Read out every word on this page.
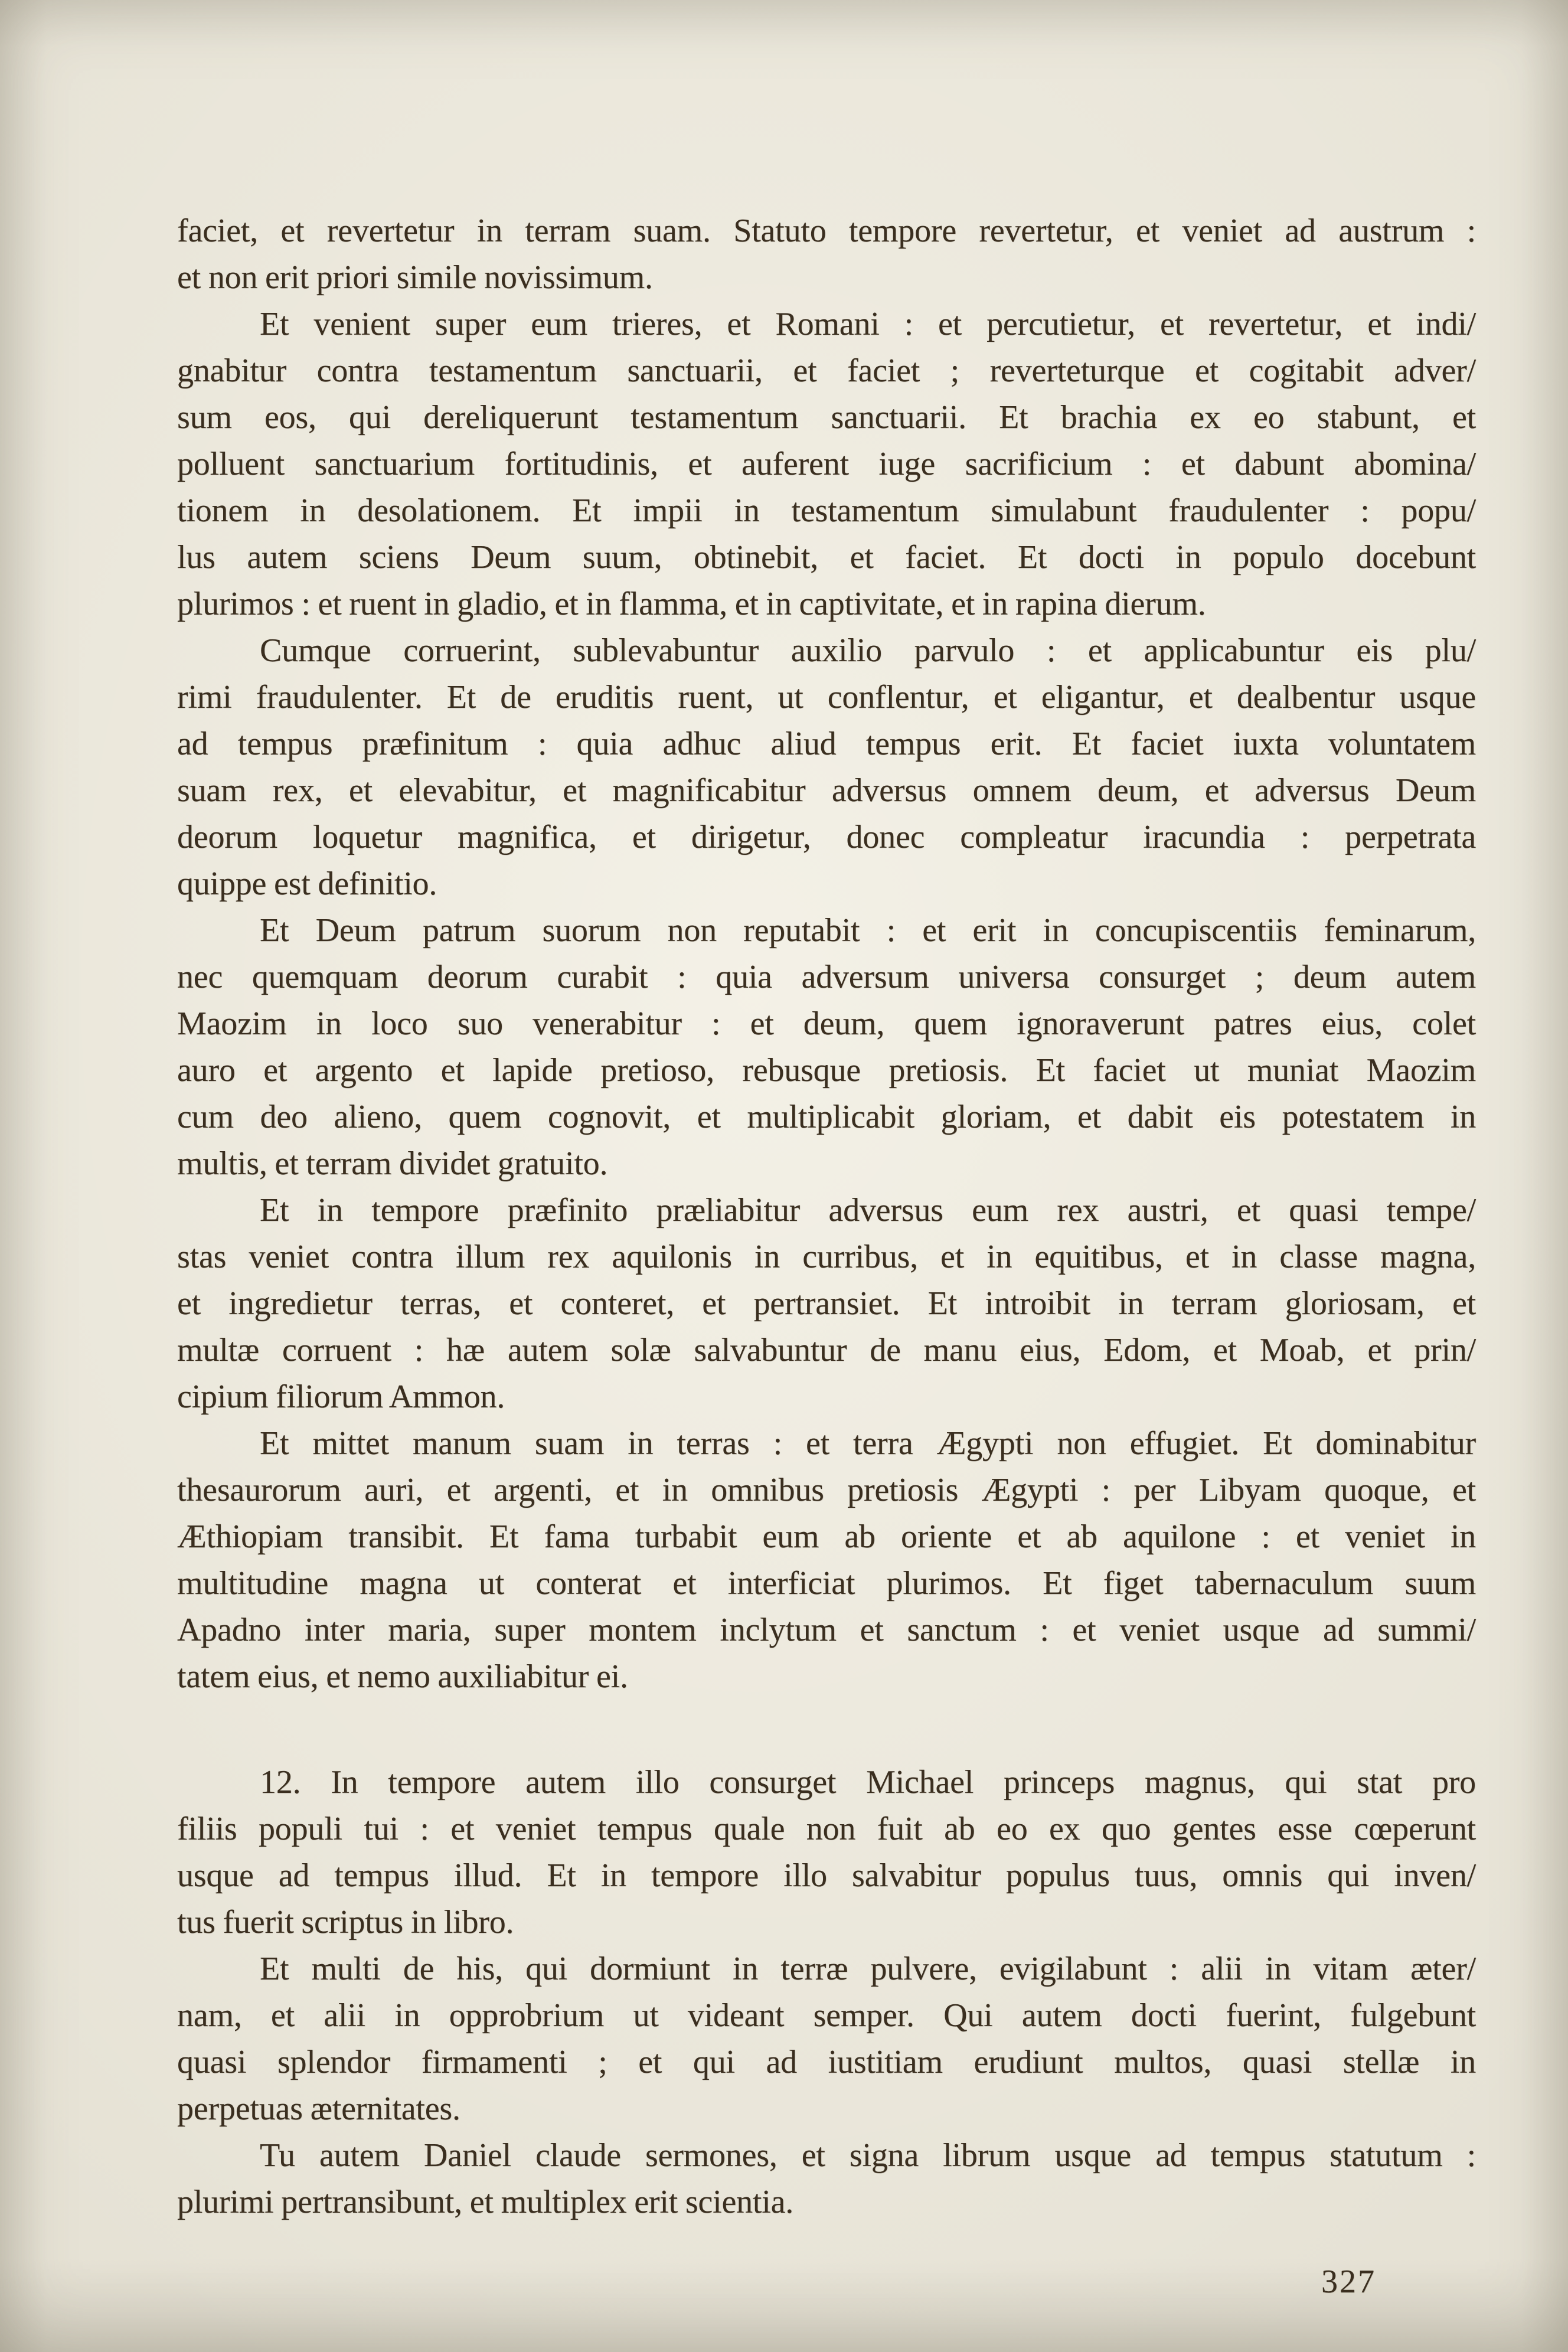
faciet, et revertetur in terram suam. Statuto tempore revertetur, et veniet ad austrum :
et non erit priori simile novissimum.
Et venient super eum trieres, et Romani : et percutietur, et revertetur, et indi/
gnabitur contra testamentum sanctuarii, et faciet ; reverteturque et cogitabit adver/
sum eos, qui dereliquerunt testamentum sanctuarii. Et brachia ex eo stabunt, et
polluent sanctuarium fortitudinis, et auferent iuge sacrificium : et dabunt abomina/
tionem in desolationem. Et impii in testamentum simulabunt fraudulenter : popu/
lus autem sciens Deum suum, obtinebit, et faciet. Et docti in populo docebunt
plurimos : et ruent in gladio, et in flamma, et in captivitate, et in rapina dierum.
Cumque corruerint, sublevabuntur auxilio parvulo : et applicabuntur eis plu/
rimi fraudulenter. Et de eruditis ruent, ut conflentur, et eligantur, et dealbentur usque
ad tempus præfinitum : quia adhuc aliud tempus erit. Et faciet iuxta voluntatem
suam rex, et elevabitur, et magnificabitur adversus omnem deum, et adversus Deum
deorum loquetur magnifica, et dirigetur, donec compleatur iracundia : perpetrata
quippe est definitio.
Et Deum patrum suorum non reputabit : et erit in concupiscentiis feminarum,
nec quemquam deorum curabit : quia adversum universa consurget ; deum autem
Maozim in loco suo venerabitur : et deum, quem ignoraverunt patres eius, colet
auro et argento et lapide pretioso, rebusque pretiosis. Et faciet ut muniat Maozim
cum deo alieno, quem cognovit, et multiplicabit gloriam, et dabit eis potestatem in
multis, et terram dividet gratuito.
Et in tempore præfinito præliabitur adversus eum rex austri, et quasi tempe/
stas veniet contra illum rex aquilonis in curribus, et in equitibus, et in classe magna,
et ingredietur terras, et conteret, et pertransiet. Et introibit in terram gloriosam, et
multæ corruent : hæ autem solæ salvabuntur de manu eius, Edom, et Moab, et prin/
cipium filiorum Ammon.
Et mittet manum suam in terras : et terra Ægypti non effugiet. Et dominabitur
thesaurorum auri, et argenti, et in omnibus pretiosis Ægypti : per Libyam quoque, et
Æthiopiam transibit. Et fama turbabit eum ab oriente et ab aquilone : et veniet in
multitudine magna ut conterat et interficiat plurimos. Et figet tabernaculum suum
Apadno inter maria, super montem inclytum et sanctum : et veniet usque ad summi/
tatem eius, et nemo auxiliabitur ei.
12. In tempore autem illo consurget Michael princeps magnus, qui stat pro
filiis populi tui : et veniet tempus quale non fuit ab eo ex quo gentes esse cœperunt
usque ad tempus illud. Et in tempore illo salvabitur populus tuus, omnis qui inven/
tus fuerit scriptus in libro.
Et multi de his, qui dormiunt in terræ pulvere, evigilabunt : alii in vitam æter/
nam, et alii in opprobrium ut videant semper. Qui autem docti fuerint, fulgebunt
quasi splendor firmamenti ; et qui ad iustitiam erudiunt multos, quasi stellæ in
perpetuas æternitates.
Tu autem Daniel claude sermones, et signa librum usque ad tempus statutum :
plurimi pertransibunt, et multiplex erit scientia.
327
